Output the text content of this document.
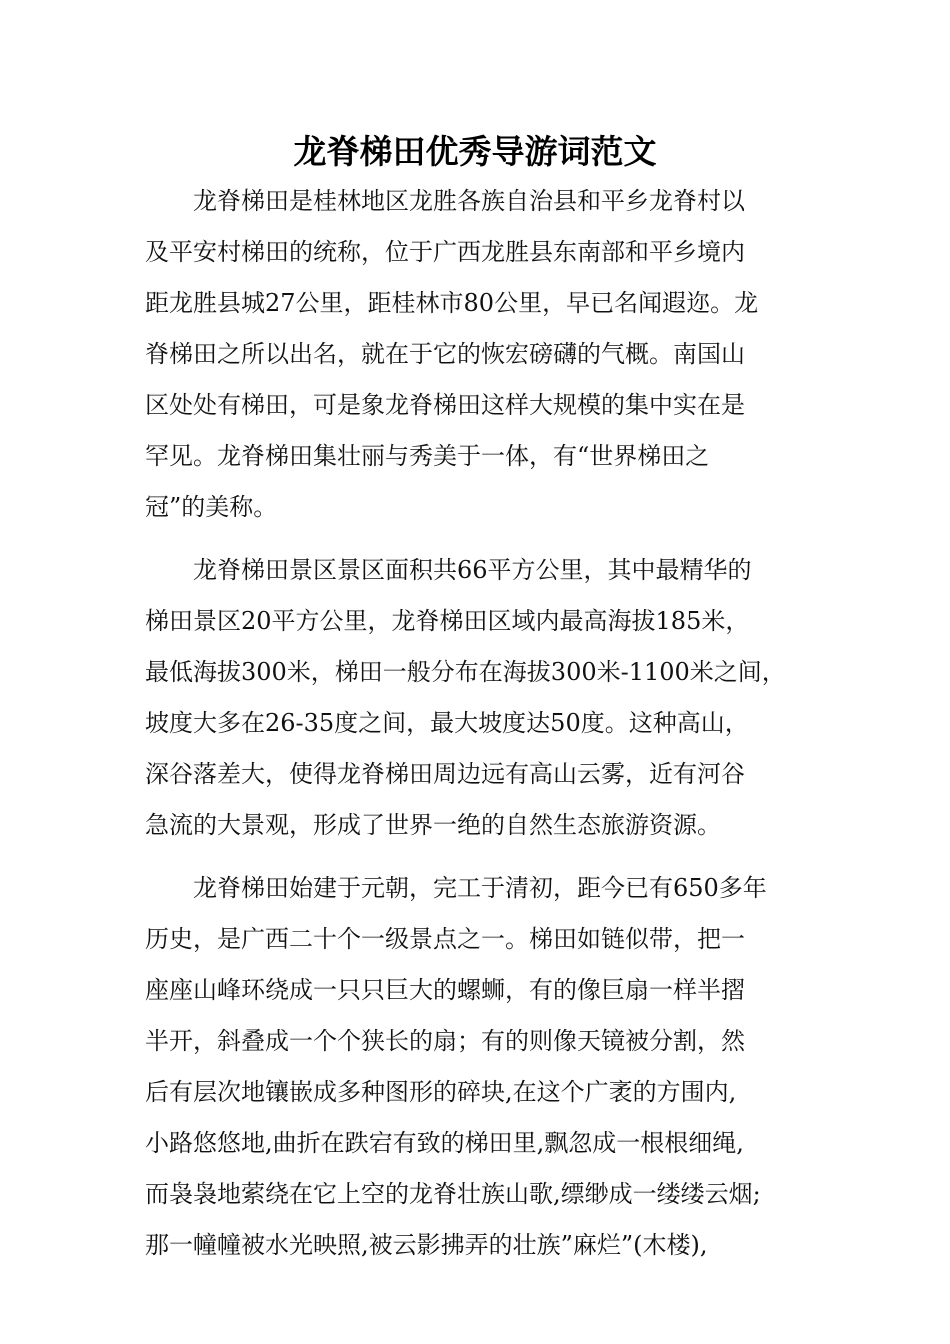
龙脊梯田优秀导游词范文
　　龙脊梯田是桂林地区龙胜各族自治县和平乡龙脊村以
及平安村梯田的统称，位于广西龙胜县东南部和平乡境内
距龙胜县城27公里，距桂林市80公里，早已名闻遐迩。龙
脊梯田之所以出名，就在于它的恢宏磅礴的气概。南国山
区处处有梯田，可是象龙脊梯田这样大规模的集中实在是
罕见。龙脊梯田集壮丽与秀美于一体，有“世界梯田之
冠”的美称。
　　龙脊梯田景区景区面积共66平方公里，其中最精华的
梯田景区20平方公里，龙脊梯田区域内最高海拔185米，
最低海拔300米，梯田一般分布在海拔300米-1100米之间，
坡度大多在26-35度之间，最大坡度达50度。这种高山，
深谷落差大，使得龙脊梯田周边远有高山云雾，近有河谷
急流的大景观，形成了世界一绝的自然生态旅游资源。
　　龙脊梯田始建于元朝，完工于清初，距今已有650多年
历史，是广西二十个一级景点之一。梯田如链似带，把一
座座山峰环绕成一只只巨大的螺蛳，有的像巨扇一样半摺
半开，斜叠成一个个狭长的扇；有的则像天镜被分割，然
后有层次地镶嵌成多种图形的碎块,在这个广袤的方围内,
小路悠悠地,曲折在跌宕有致的梯田里,飘忽成一根根细绳,
而袅袅地萦绕在它上空的龙脊壮族山歌,缥缈成一缕缕云烟;
那一幢幢被水光映照,被云影拂弄的壮族”麻烂”(木楼),
